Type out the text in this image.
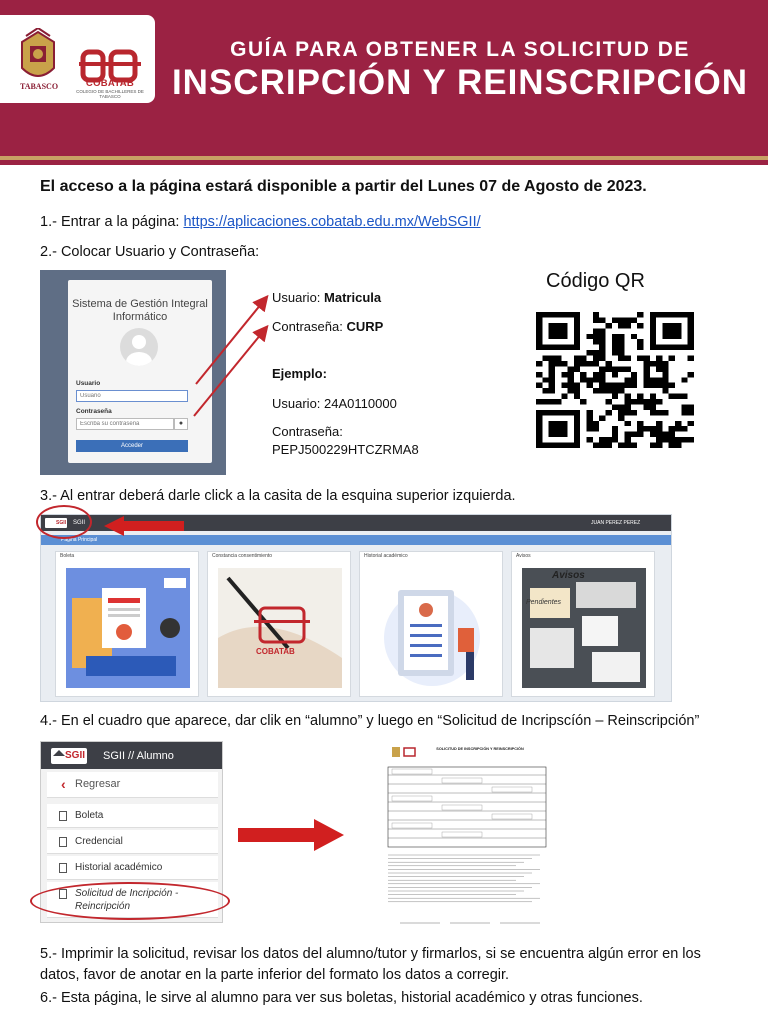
TABASCO	COBATAB
COLEGIO DE BACHILLERES DE TABASCO
GUÍA PARA OBTENER LA SOLICITUD DE
INSCRIPCIÓN Y REINSCRIPCIÓN
El acceso a la página estará disponible a partir del Lunes 07 de Agosto de 2023.
1.- Entrar a la página: https://aplicaciones.cobatab.edu.mx/WebSGII/
2.- Colocar Usuario y Contraseña:
Sistema de Gestión Integral Informático
Usuario
Usuario
Contraseña
Escriba su contraseña
●
Acceder
Usuario: Matricula
Contraseña: CURP
Ejemplo:
Usuario: 24A0110000
Contraseña:
PEPJ500229HTCZRMA8
Código QR
3.- Al entrar deberá darle click a la casita de la esquina superior izquierda.
SGII SGII	JUAN PEREZ PEREZ
Página Principal
Boleta	Constancia consentimiento
COBATAB
Historial académico	Avisos
Avisos
Pendientes
4.- En el cuadro que aparece, dar clik en “alumno” y luego en “Solicitud de Incripscíón – Reinscripción”
SGII SGII // Alumno
‹ Regresar
Boleta
Credencial
Historial académico
Solicitud de Incripción - Reincripción
SOLICITUD DE INSCRIPCIÓN Y REINSCRIPCIÓN
5.- Imprimir la solicitud, revisar los datos del alumno/tutor y firmarlos, si se encuentra algún error en los datos, favor de anotar en la parte inferior del formato los datos a corregir.
6.- Esta página, le sirve al alumno para ver sus boletas, historial académico y otras funciones.
